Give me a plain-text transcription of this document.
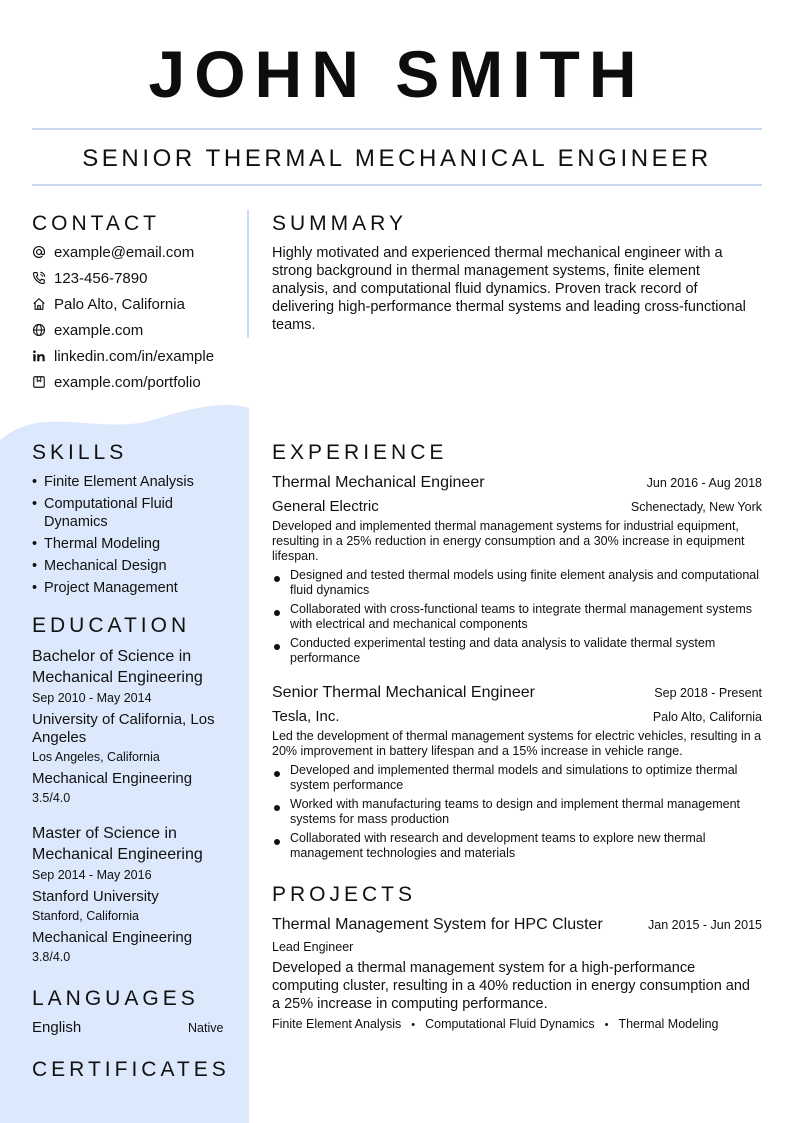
JOHN SMITH
SENIOR THERMAL MECHANICAL ENGINEER
CONTACT
example@email.com
123-456-7890
Palo Alto, California
example.com
linkedin.com/in/example
example.com/portfolio
SUMMARY
Highly motivated and experienced thermal mechanical engineer with a strong background in thermal management systems, finite element analysis, and computational fluid dynamics. Proven track record of delivering high-performance thermal systems and leading cross-functional teams.
SKILLS
• Finite Element Analysis
• Computational Fluid Dynamics
• Thermal Modeling
• Mechanical Design
• Project Management
EDUCATION
Bachelor of Science in Mechanical Engineering
Sep 2010 - May 2014
University of California, Los Angeles
Los Angeles, California
Mechanical Engineering
3.5/4.0
Master of Science in Mechanical Engineering
Sep 2014 - May 2016
Stanford University
Stanford, California
Mechanical Engineering
3.8/4.0
LANGUAGES
English	Native
CERTIFICATES
EXPERIENCE
Thermal Mechanical Engineer	Jun 2016 - Aug 2018
General Electric	Schenectady, New York
Developed and implemented thermal management systems for industrial equipment, resulting in a 25% reduction in energy consumption and a 30% increase in equipment lifespan.
Designed and tested thermal models using finite element analysis and computational fluid dynamics
Collaborated with cross-functional teams to integrate thermal management systems with electrical and mechanical components
Conducted experimental testing and data analysis to validate thermal system performance
Senior Thermal Mechanical Engineer	Sep 2018 - Present
Tesla, Inc.	Palo Alto, California
Led the development of thermal management systems for electric vehicles, resulting in a 20% improvement in battery lifespan and a 15% increase in vehicle range.
Developed and implemented thermal models and simulations to optimize thermal system performance
Worked with manufacturing teams to design and implement thermal management systems for mass production
Collaborated with research and development teams to explore new thermal management technologies and materials
PROJECTS
Thermal Management System for HPC Cluster	Jan 2015 - Jun 2015
Lead Engineer
Developed a thermal management system for a high-performance computing cluster, resulting in a 40% reduction in energy consumption and a 25% increase in computing performance.
Finite Element Analysis • Computational Fluid Dynamics • Thermal Modeling
